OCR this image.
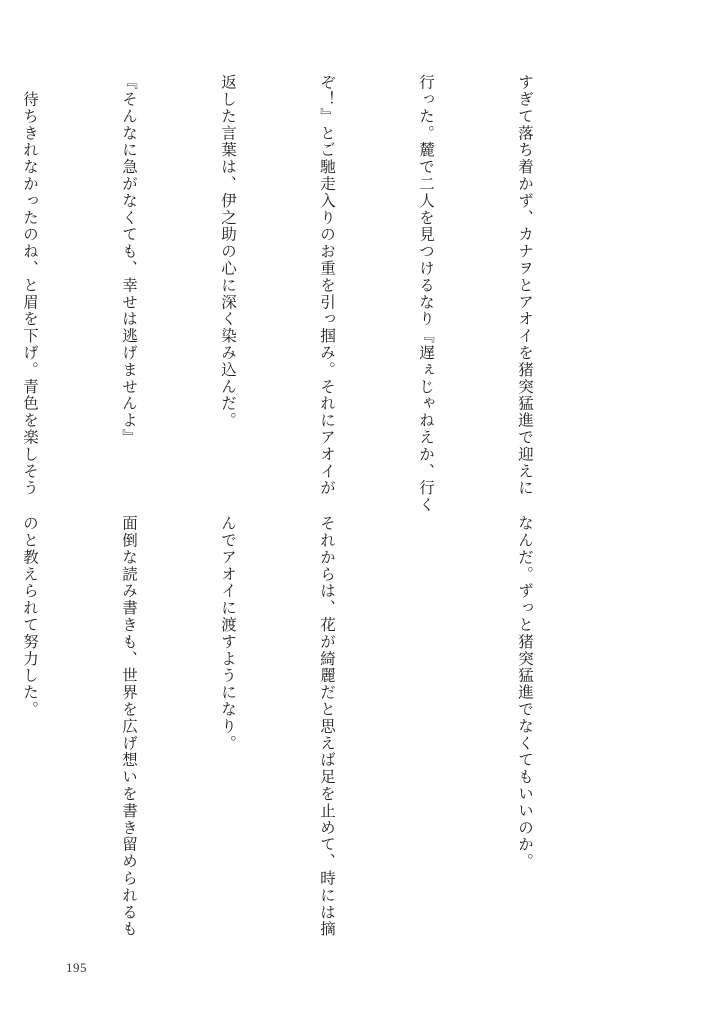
すぎて落ち着かず、カナヲとアオイを猪突猛進で迎えに

行った。麓で二人を見つけるなり『遅ぇじゃねえか、行く

ぞ！』とご馳走入りのお重を引っ掴み。それにアオイが

返した言葉は、伊之助の心に深く染み込んだ。

『そんなに急がなくても、幸せは逃げませんよ』

　待ちきれなかったのね、と眉を下げ。青色を楽しそう

なんだ。ずっと猪突猛進でなくてもいいのか。

それからは、花が綺麗だと思えば足を止めて、時には摘

んでアオイに渡すようになり。

面倒な読み書きも、世界を広げ想いを書き留められるも

のと教えられて努力した。

195
